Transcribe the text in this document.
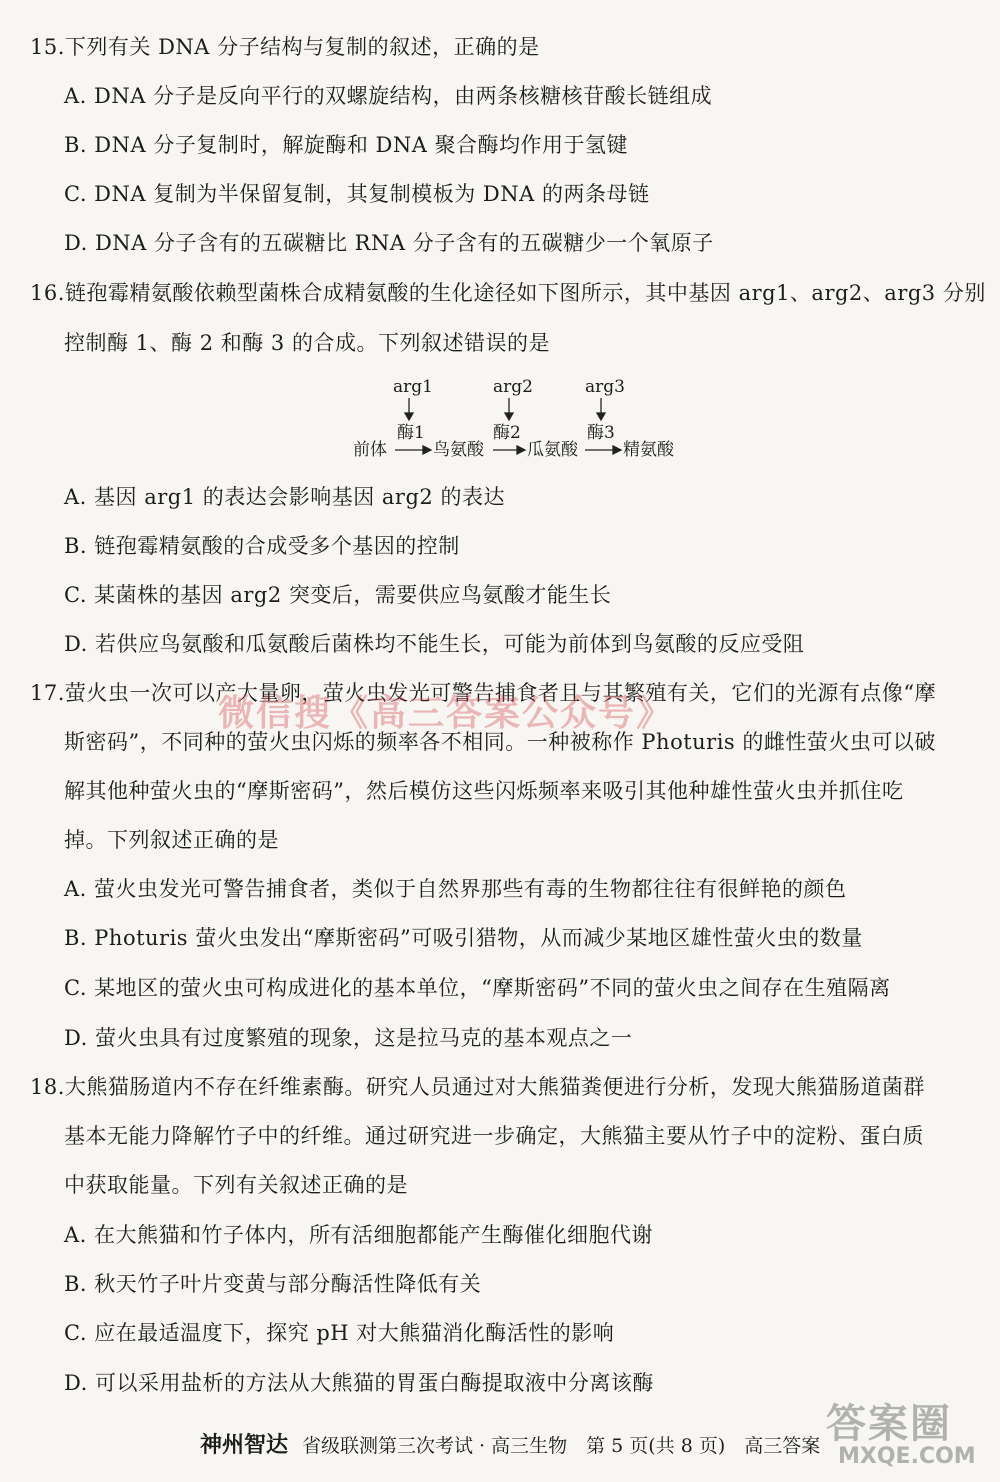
15.下列有关 DNA 分子结构与复制的叙述，正确的是
A. DNA 分子是反向平行的双螺旋结构，由两条核糖核苷酸长链组成
B. DNA 分子复制时，解旋酶和 DNA 聚合酶均作用于氢键
C. DNA 复制为半保留复制，其复制模板为 DNA 的两条母链
D. DNA 分子含有的五碳糖比 RNA 分子含有的五碳糖少一个氧原子
16.链孢霉精氨酸依赖型菌株合成精氨酸的生化途径如下图所示，其中基因 arg1、arg2、arg3 分别
控制酶 1、酶 2 和酶 3 的合成。下列叙述错误的是
arg1	arg2	arg3
酶1	酶2	酶3
前体	鸟氨酸	瓜氨酸	精氨酸
A. 基因 arg1 的表达会影响基因 arg2 的表达
B. 链孢霉精氨酸的合成受多个基因的控制
C. 某菌株的基因 arg2 突变后，需要供应鸟氨酸才能生长
D. 若供应鸟氨酸和瓜氨酸后菌株均不能生长，可能为前体到鸟氨酸的反应受阻
17.萤火虫一次可以产大量卵，萤火虫发光可警告捕食者且与其繁殖有关，它们的光源有点像“摩
斯密码”，不同种的萤火虫闪烁的频率各不相同。一种被称作 Photuris 的雌性萤火虫可以破
解其他种萤火虫的“摩斯密码”，然后模仿这些闪烁频率来吸引其他种雄性萤火虫并抓住吃
掉。下列叙述正确的是
微信搜《高三答案公众号》
A. 萤火虫发光可警告捕食者，类似于自然界那些有毒的生物都往往有很鲜艳的颜色
B. Photuris 萤火虫发出“摩斯密码”可吸引猎物，从而减少某地区雄性萤火虫的数量
C. 某地区的萤火虫可构成进化的基本单位，“摩斯密码”不同的萤火虫之间存在生殖隔离
D. 萤火虫具有过度繁殖的现象，这是拉马克的基本观点之一
18.大熊猫肠道内不存在纤维素酶。研究人员通过对大熊猫粪便进行分析，发现大熊猫肠道菌群
基本无能力降解竹子中的纤维。通过研究进一步确定，大熊猫主要从竹子中的淀粉、蛋白质
中获取能量。下列有关叙述正确的是
A. 在大熊猫和竹子体内，所有活细胞都能产生酶催化细胞代谢
B. 秋天竹子叶片变黄与部分酶活性降低有关
C. 应在最适温度下，探究 pH 对大熊猫消化酶活性的影响
D. 可以采用盐析的方法从大熊猫的胃蛋白酶提取液中分离该酶
神州智达 省级联测第三次考试 · 高三生物　第 5 页(共 8 页)　高三答案 答案圈
MXQE.COM
